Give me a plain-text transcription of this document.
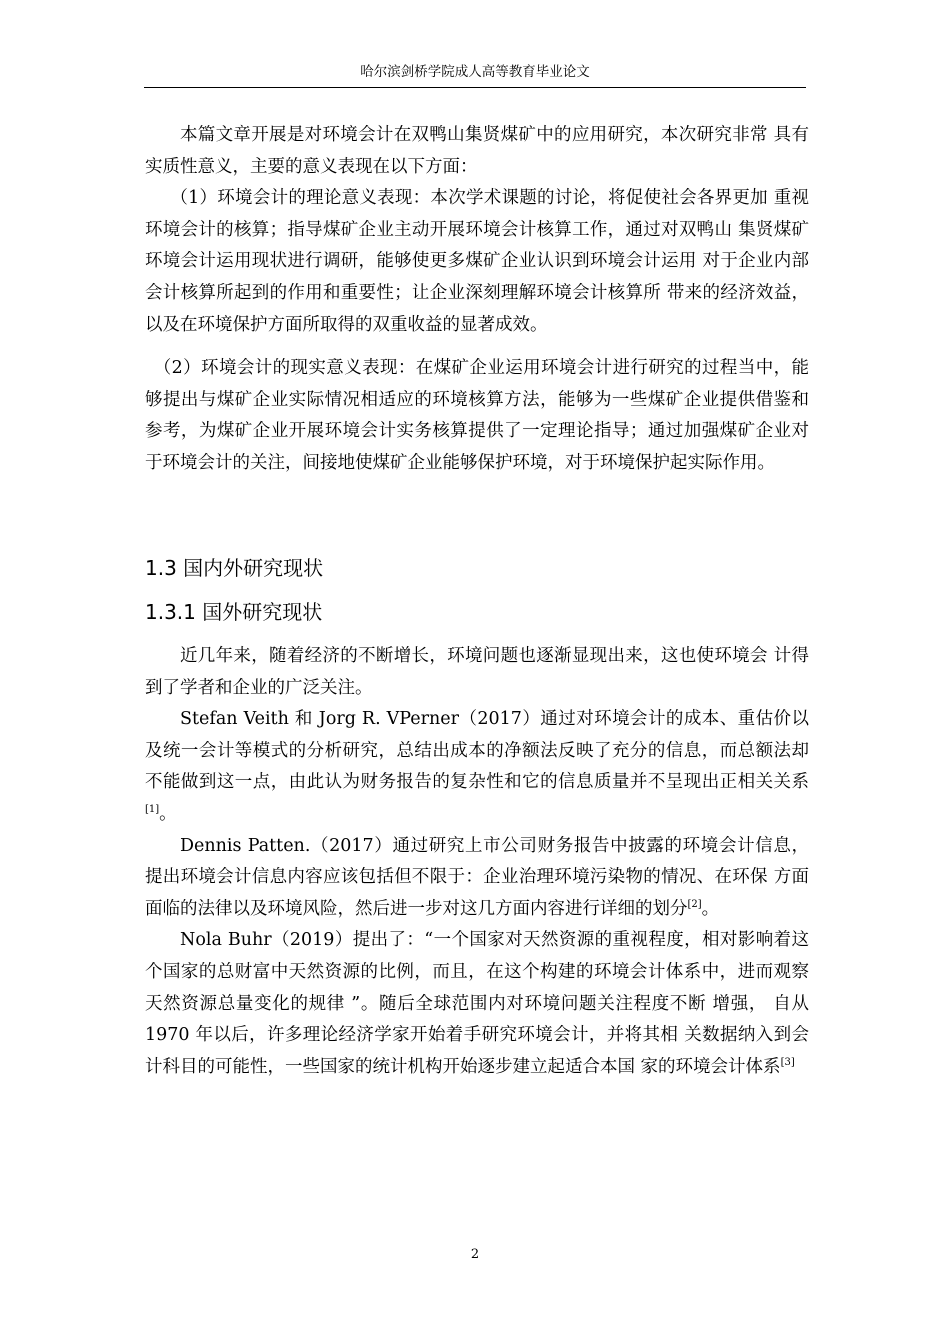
哈尔滨剑桥学院成人高等教育毕业论文

本篇文章开展是对环境会计在双鸭山集贤煤矿中的应用研究，本次研究非常 具有实质性意义，主要的意义表现在以下方面：

（1）环境会计的理论意义表现：本次学术课题的讨论，将促使社会各界更加 重视环境会计的核算；指导煤矿企业主动开展环境会计核算工作，通过对双鸭山 集贤煤矿环境会计运用现状进行调研，能够使更多煤矿企业认识到环境会计运用 对于企业内部会计核算所起到的作用和重要性；让企业深刻理解环境会计核算所 带来的经济效益，以及在环境保护方面所取得的双重收益的显著成效。

（2）环境会计的现实意义表现：在煤矿企业运用环境会计进行研究的过程当中，能够提出与煤矿企业实际情况相适应的环境核算方法，能够为一些煤矿企业提供借鉴和参考，为煤矿企业开展环境会计实务核算提供了一定理论指导；通过加强煤矿企业对于环境会计的关注，间接地使煤矿企业能够保护环境，对于环境保护起实际作用。

1.3 国内外研究现状
1.3.1 国外研究现状

近几年来，随着经济的不断增长，环境问题也逐渐显现出来，这也使环境会 计得到了学者和企业的广泛关注。

Stefan Veith 和 Jorg R. VPerner（2017）通过对环境会计的成本、重估价以及统一会计等模式的分析研究，总结出成本的净额法反映了充分的信息，而总额法却不能做到这一点，由此认为财务报告的复杂性和它的信息质量并不呈现出正相关关系[1]。

Dennis Patten.（2017）通过研究上市公司财务报告中披露的环境会计信息， 提出环境会计信息内容应该包括但不限于：企业治理环境污染物的情况、在环保 方面面临的法律以及环境风险，然后进一步对这几方面内容进行详细的划分[2]。

Nola Buhr（2019）提出了：“一个国家对天然资源的重视程度，相对影响着这个国家的总财富中天然资源的比例，而且，在这个构建的环境会计体系中，进而观察天然资源总量变化的规律 ”。随后全球范围内对环境问题关注程度不断 增强， 自从 1970 年以后，许多理论经济学家开始着手研究环境会计，并将其相 关数据纳入到会计科目的可能性，一些国家的统计机构开始逐步建立起适合本国 家的环境会计体系[3]

2
